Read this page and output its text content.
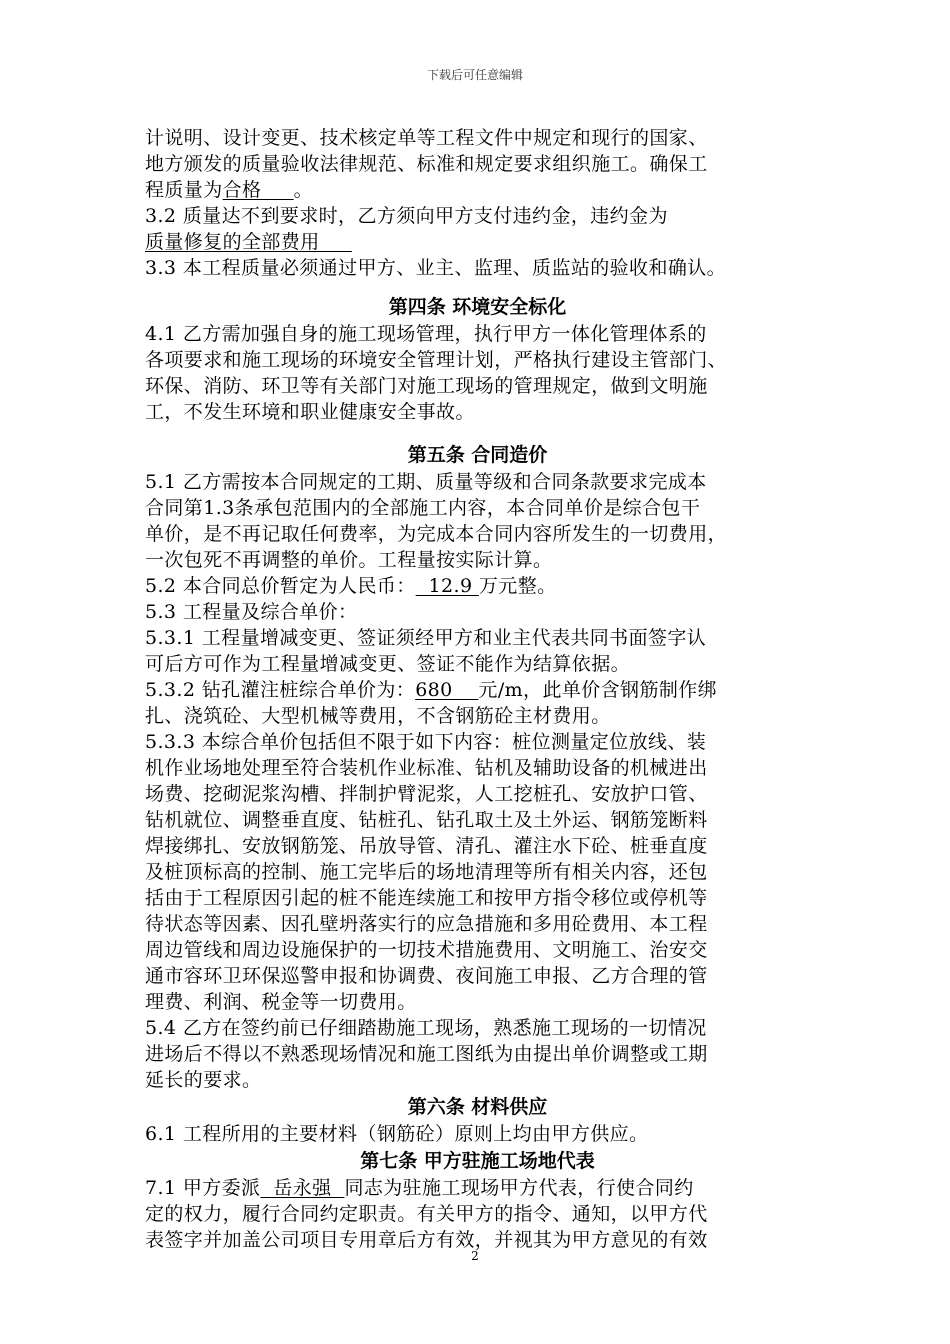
下载后可任意编辑
计说明、设计变更、技术核定单等工程文件中规定和现行的国家、
地方颁发的质量验收法律规范、标准和规定要求组织施工。确保工
程质量为合格     。
3.2 质量达不到要求时，乙方须向甲方支付违约金，违约金为
质量修复的全部费用
3.3 本工程质量必须通过甲方、业主、监理、质监站的验收和确认。
第四条 环境安全标化
4.1 乙方需加强自身的施工现场管理，执行甲方一体化管理体系的
各项要求和施工现场的环境安全管理计划，严格执行建设主管部门、
环保、消防、环卫等有关部门对施工现场的管理规定，做到文明施
工，不发生环境和职业健康安全事故。
第五条 合同造价
5.1 乙方需按本合同规定的工期、质量等级和合同条款要求完成本
合同第1.3条承包范围内的全部施工内容，本合同单价是综合包干
单价，是不再记取任何费率，为完成本合同内容所发生的一切费用，
一次包死不再调整的单价。工程量按实际计算。
5.2 本合同总价暂定为人民币：  12.9 万元整。
5.3 工程量及综合单价：
5.3.1 工程量增减变更、签证须经甲方和业主代表共同书面签字认
可后方可作为工程量增减变更、签证不能作为结算依据。
5.3.2 钻孔灌注桩综合单价为：680    元/m，此单价含钢筋制作绑
扎、浇筑砼、大型机械等费用，不含钢筋砼主材费用。
5.3.3 本综合单价包括但不限于如下内容：桩位测量定位放线、装
机作业场地处理至符合装机作业标准、钻机及辅助设备的机械进出
场费、挖砌泥浆沟槽、拌制护臂泥浆，人工挖桩孔、安放护口管、
钻机就位、调整垂直度、钻桩孔、钻孔取土及土外运、钢筋笼断料
焊接绑扎、安放钢筋笼、吊放导管、清孔、灌注水下砼、桩垂直度
及桩顶标高的控制、施工完毕后的场地清理等所有相关内容，还包
括由于工程原因引起的桩不能连续施工和按甲方指令移位或停机等
待状态等因素、因孔壁坍落实行的应急措施和多用砼费用、本工程
周边管线和周边设施保护的一切技术措施费用、文明施工、治安交
通市容环卫环保巡警申报和协调费、夜间施工申报、乙方合理的管
理费、利润、税金等一切费用。
5.4 乙方在签约前已仔细踏勘施工现场，熟悉施工现场的一切情况
进场后不得以不熟悉现场情况和施工图纸为由提出单价调整或工期
延长的要求。
第六条 材料供应
6.1 工程所用的主要材料（钢筋砼）原则上均由甲方供应。
第七条 甲方驻施工场地代表
7.1 甲方委派  岳永强  同志为驻施工现场甲方代表，行使合同约
定的权力，履行合同约定职责。有关甲方的指令、通知，以甲方代
表签字并加盖公司项目专用章后方有效，并视其为甲方意见的有效
2
